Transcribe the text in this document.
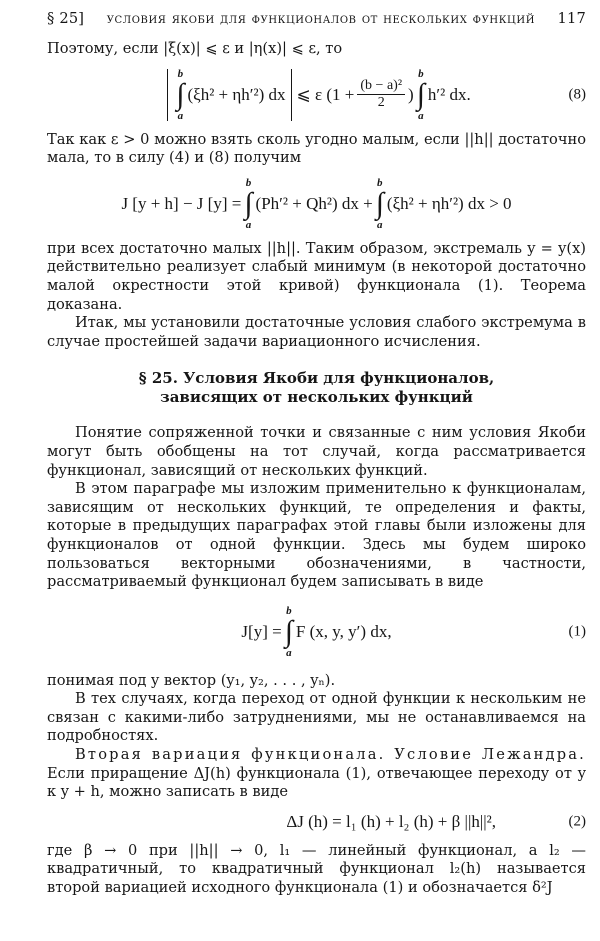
§ 25] условия якоби для функционалов от нескольких функций 117

Поэтому, если |ξ(x)| ⩽ ε и |η(x)| ⩽ ε, то

b
∫
a
(ξh² + ηh′²) dx ⩽ ε
($1 + \frac{\text{(b − a)²}}{2}$ )
b
∫
a
h′² dx.	(8)

Так как ε > 0 можно взять сколь угодно малым, если ||h|| достаточно мала, то в силу (4) и (8) получим

J [y + h] − J [y] =
b
∫
a
(Ph′² + Qh²) dx +
b
∫
a
(ξh² + ηh′²) dx > 0

при всех достаточно малых ||h||. Таким образом, экстремаль y = y(x) действительно реализует слабый минимум (в некоторой достаточно малой окрестности этой кривой) функционала (1). Теорема доказана.

Итак, мы установили достаточные условия слабого экстремума в случае простейшей задачи вариационного исчисления.

§ 25. Условия Якоби для функционалов,
зависящих от нескольких функций

Понятие сопряженной точки и связанные с ним условия Якоби могут быть обобщены на тот случай, когда рассматривается функционал, зависящий от нескольких функций.

В этом параграфе мы изложим применительно к функционалам, зависящим от нескольких функций, те определения и факты, которые в предыдущих параграфах этой главы были изложены для функционалов от одной функции. Здесь мы будем широко пользоваться векторными обозначениями, в частности, рассматриваемый функционал будем записывать в виде

J[y] =
b
∫
a
F (x, y, y′) dx,	(1)

понимая под y вектор (y₁, y₂, . . . , yₙ).

В тех случаях, когда переход от одной функции к нескольким не связан с какими-либо затруднениями, мы не останавливаемся на подробностях.

Вторая вариация функционала. Условие Лежандра. Если приращение ΔJ(h) функционала (1), отвечающее переходу от y к y + h, можно записать в виде

ΔJ (h) = l₁ (h) + l₂ (h) + β ||h||²,	(2)

где β → 0 при ||h|| → 0, l₁ — линейный функционал, а l₂ — квадратичный, то квадратичный функционал l₂(h) называется второй вариацией исходного функционала (1) и обозначается δ²J
